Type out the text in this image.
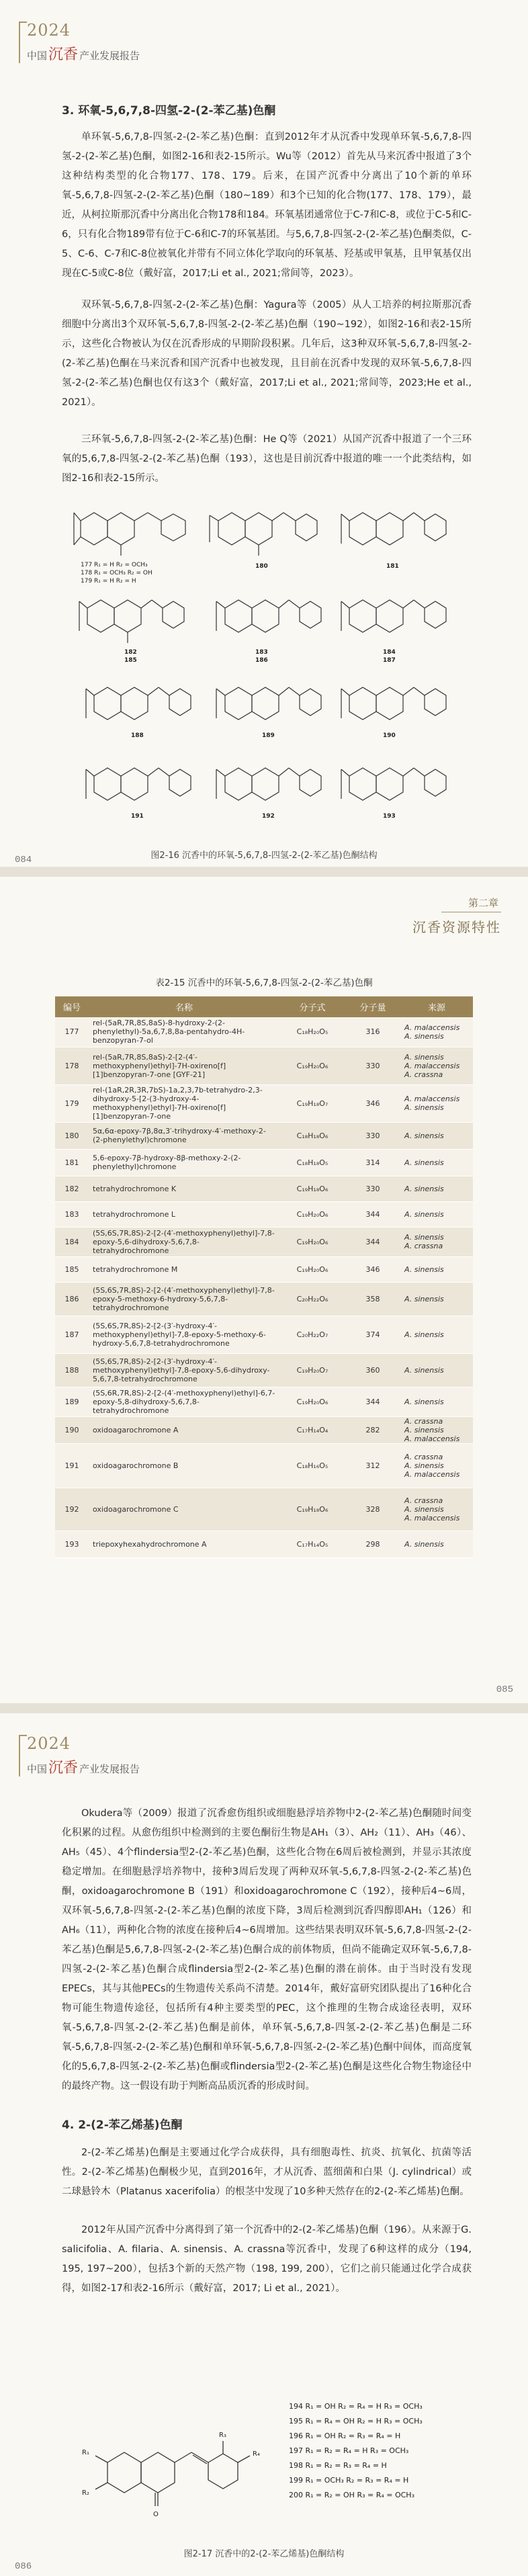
2024
中国沉香 产业发展报告
3. 环氧-5,6,7,8-四氢-2-(2-苯乙基)色酮
单环氧-5,6,7,8-四氢-2-(2-苯乙基)色酮：直到2012年才从沉香中发现单环氧-5,6,7,8-四氢-2-(2-苯乙基)色酮，如图2-16和表2-15所示。Wu等（2012）首先从马来沉香中报道了3个这种结构类型的化合物177、178、179。后来，在国产沉香中分离出了10个新的单环氧-5,6,7,8-四氢-2-(2-苯乙基)色酮（180~189）和3个已知的化合物(177、178、179），最近，从柯拉斯那沉香中分离出化合物178和184。环氧基团通常位于C-7和C-8，或位于C-5和C-6，只有化合物189带有位于C-6和C-7的环氧基团。与5,6,7,8-四氢-2-(2-苯乙基)色酮类似，C-5、C-6、C-7和C-8位被氧化并带有不同立体化学取向的环氧基、羟基或甲氧基，且甲氧基仅出现在C-5或C-8位（戴好富，2017;Li et al., 2021;常间等，2023）。
双环氧-5,6,7,8-四氢-2-(2-苯乙基)色酮：Yagura等（2005）从人工培养的柯拉斯那沉香细胞中分离出3个双环氧-5,6,7,8-四氢-2-(2-苯乙基)色酮（190~192），如图2-16和表2-15所示，这些化合物被认为仅在沉香形成的早期阶段积累。几年后，这3种双环氧-5,6,7,8-四氢-2-(2-苯乙基)色酮在马来沉香和国产沉香中也被发现，且目前在沉香中发现的双环氧-5,6,7,8-四氢-2-(2-苯乙基)色酮也仅有这3个（戴好富，2017;Li et al., 2021;常间等，2023;He et al., 2021）。
三环氧-5,6,7,8-四氢-2-(2-苯乙基)色酮：He Q等（2021）从国产沉香中报道了一个三环氧的5,6,7,8-四氢-2-(2-苯乙基)色酮（193），这也是目前沉香中报道的唯一一个此类结构，如图2-16和表2-15所示。
177 R₁ = H R₂ = OCH₃
178 R₁ = OCH₃ R₂ = OH
179 R₁ = H R₂ = H
180	181
182	183	184
185	186	187
188	189	190
191	192	193
图2-16 沉香中的环氧-5,6,7,8-四氢-2-(2-苯乙基)色酮结构
084
第二章
沉香资源特性
表2-15 沉香中的环氧-5,6,7,8-四氢-2-(2-苯乙基)色酮
编号	名称	分子式	分子量	来源
177	rel-(5aR,7R,8S,8aS)-8-hydroxy-2-(2-phenylethyl)-5a,6,7,8,8a-pentahydro-4H-benzopyran-7-ol	C₁₈H₂₀O₅	316	A. malaccensis
A. sinensis

178	rel-(5aR,7R,8S,8aS)-2-[2-(4′-methoxyphenyl)ethyl]-7H-oxireno[f][1]benzopyran-7-one [GYF-21]	C₁₉H₂₀O₆	330	A. sinensis
A. malaccensis
A. crassna

179	rel-(1aR,2R,3R,7bS)-1a,2,3,7b-tetrahydro-2,3-dihydroxy-5-[2-(3-hydroxy-4-methoxyphenyl)ethyl]-7H-oxireno[f][1]benzopyran-7-one	C₁₉H₁₈O₇	346	A. malaccensis
A. sinensis

180	5α,6α-epoxy-7β,8α,3′-trihydroxy-4′-methoxy-2-(2-phenylethyl)chromone	C₁₈H₁₈O₆	330	A. sinensis

181	5,6-epoxy-7β-hydroxy-8β-methoxy-2-(2-phenylethyl)chromone	C₁₈H₁₈O₅	314	A. sinensis

182	tetrahydrochromone K	C₁₉H₁₈O₆	330	A. sinensis

183	tetrahydrochromone L	C₁₉H₂₀O₆	344	A. sinensis

184	(5S,6S,7R,8S)-2-[2-(4′-methoxyphenyl)ethyl]-7,8-epoxy-5,6-dihydroxy-5,6,7,8-tetrahydrochromone	C₁₉H₂₀O₆	344	A. sinensis
A. crassna

185	tetrahydrochromone M	C₁₉H₂₀O₆	346	A. sinensis

186	(5S,6S,7R,8S)-2-[2-(4′-methoxyphenyl)ethyl]-7,8-epoxy-5-methoxy-6-hydroxy-5,6,7,8-tetrahydrochromone	C₂₀H₂₂O₆	358	A. sinensis

187	(5S,6S,7R,8S)-2-[2-(3′-hydroxy-4′-methoxyphenyl)ethyl]-7,8-epoxy-5-methoxy-6-hydroxy-5,6,7,8-tetrahydrochromone	C₂₀H₂₂O₇	374	A. sinensis

188	(5S,6S,7R,8S)-2-[2-(3′-hydroxy-4′-methoxyphenyl)ethyl]-7,8-epoxy-5,6-dihydroxy-5,6,7,8-tetrahydrochromone	C₁₉H₂₀O₇	360	A. sinensis

189	(5S,6R,7R,8S)-2-[2-(4′-methoxyphenyl)ethyl]-6,7-epoxy-5,8-dihydroxy-5,6,7,8-tetrahydrochromone	C₁₉H₂₀O₆	344	A. sinensis

190	oxidoagarochromone A	C₁₇H₁₄O₄	282	A. crassna
A. sinensis
A. malaccensis

191	oxidoagarochromone B	C₁₈H₁₆O₅	312	A. crassna
A. sinensis
A. malaccensis

192	oxidoagarochromone C	C₁₉H₁₈O₆	328	A. crassna
A. sinensis
A. malaccensis

193	triepoxyhexahydrochromone A	C₁₇H₁₄O₅	298	A. sinensis
085
2024
中国沉香 产业发展报告
Okudera等（2009）报道了沉香愈伤组织或细胞悬浮培养物中2-(2-苯乙基)色酮随时间变化积累的过程。从愈伤组织中检测到的主要色酮衍生物是AH₁（3）、AH₂（11）、AH₃（46）、AH₅（45）、4个flindersia型2-(2-苯乙基)色酮，这些化合物在6周后被检测到，并显示其浓度稳定增加。在细胞悬浮培养物中，接种3周后发现了两种双环氧-5,6,7,8-四氢-2-(2-苯乙基)色酮，oxidoagarochromone B（191）和oxidoagarochromone C（192），接种后4~6周，双环氧-5,6,7,8-四氢-2-(2-苯乙基)色酮的浓度下降，3周后检测到沉香四醇即AH₁（126）和AH₆（11），两种化合物的浓度在接种后4~6周增加。这些结果表明双环氧-5,6,7,8-四氢-2-(2-苯乙基)色酮是5,6,7,8-四氢-2-(2-苯乙基)色酮合成的前体物质，但尚不能确定双环氧-5,6,7,8-四氢-2-(2-苯乙基)色酮合成flindersia型2-(2-苯乙基)色酮的潜在前体。由于当时没有发现EPECs，其与其他PECs的生物遗传关系尚不清楚。2014年，戴好富研究团队提出了16种化合物可能生物遗传途径，包括所有4种主要类型的PEC，这个推理的生物合成途径表明，双环氧-5,6,7,8-四氢-2-(2-苯乙基)色酮是前体，单环氧-5,6,7,8-四氢-2-(2-苯乙基)色酮是二环氧-5,6,7,8-四氢-2-(2-苯乙基)色酮和单环氧-5,6,7,8-四氢-2-(2-苯乙基)色酮中间体，而高度氧化的5,6,7,8-四氢-2-(2-苯乙基)色酮或flindersia型2-(2-苯乙基)色酮是这些化合物生物途径中的最终产物。这一假设有助于判断高品质沉香的形成时间。
4. 2-(2-苯乙烯基)色酮
2-(2-苯乙烯基)色酮是主要通过化学合成获得，具有细胞毒性、抗炎、抗氧化、抗菌等活性。2-(2-苯乙烯基)色酮极少见，直到2016年，才从沉香、蓝细菌和白果（J. cylindrical）或二球悬铃木（Platanus xacerifolia）的根茎中发现了10多种天然存在的2-(2-苯乙烯基)色酮。
2012年从国产沉香中分离得到了第一个沉香中的2-(2-苯乙烯基)色酮（196）。从来源于G. salicifolia、A. filaria、A. sinensis、A. crassna等沉香中，发现了6种这样的成分（194, 195, 197~200），包括3个新的天然产物（198, 199, 200），它们之前只能通过化学合成获得，如图2-17和表2-16所示（戴好富，2017; Li et al., 2021）。
R₁
R₂
R₃
R₄
O
194 R₁ = OH R₂ = R₄ = H R₃ = OCH₃
195 R₁ = R₄ = OH R₂ = H R₃ = OCH₃
196 R₁ = OH R₂ = R₃ = R₄ = H
197 R₁ = R₂ = R₄ = H R₃ = OCH₃
198 R₁ = R₂ = R₃ = R₄ = H
199 R₁ = OCH₃ R₂ = R₃ = R₄ = H
200 R₁ = R₂ = OH R₃ = R₄ = OCH₃
图2-17 沉香中的2-(2-苯乙烯基)色酮结构
086
